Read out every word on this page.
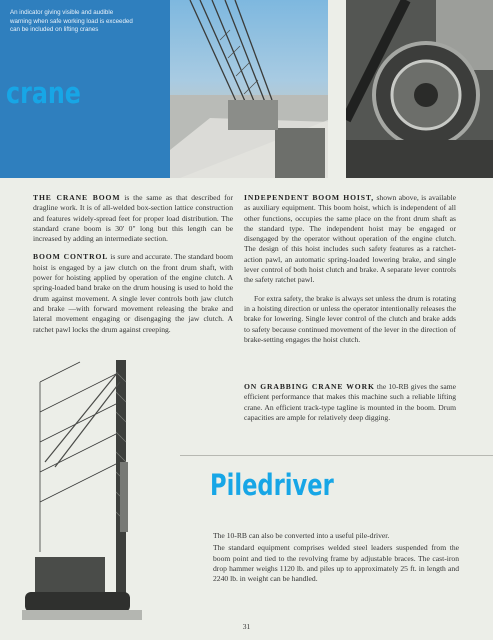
An indicator giving visible and audible
warning when safe working load is exceeded
can be included on lifting cranes
crane

THE CRANE BOOM is the same as that described for dragline work. It is of all-welded box-section lattice construction and features widely-spread feet for proper load distribution. The standard crane boom is 30' 0" long but this length can be increased by adding an intermediate section.

BOOM CONTROL is sure and accurate. The standard boom hoist is engaged by a jaw clutch on the front drum shaft, with power for hoisting applied by operation of the engine clutch. A spring-loaded band brake on the drum housing is used to hold the drum against movement. A single lever controls both jaw clutch and brake —with forward movement releasing the brake and lateral movement engaging or disengaging the jaw clutch. A ratchet pawl locks the drum against creeping.

INDEPENDENT BOOM HOIST, shown above, is available as auxiliary equipment. This boom hoist, which is independent of all other functions, occupies the same place on the front drum shaft as the standard type. The independent hoist may be engaged or disengaged by the operator without operation of the engine clutch. The design of this hoist includes such safety features as a ratchet-action pawl, an automatic spring-loaded lowering brake, and single lever control of both hoist clutch and brake. A separate lever controls the safety ratchet pawl.

For extra safety, the brake is always set unless the drum is rotating in a hoisting direction or unless the operator intentionally releases the brake for lowering. Single lever control of the clutch and brake adds to safety because continued movement of the lever in the direction of brake-setting engages the hoist clutch.

ON GRABBING CRANE WORK the 10-RB gives the same efficient performance that makes this machine such a reliable lifting crane. An efficient track-type tagline is mounted in the boom. Drum capacities are ample for relatively deep digging.

Piledriver

The 10-RB can also be converted into a useful pile-driver.

The standard equipment comprises welded steel leaders suspended from the boom point and tied to the revolving frame by adjustable braces. The cast-iron drop hammer weighs 1120 lb. and piles up to approximately 25 ft. in length and 2240 lb. in weight can be handled.

31
